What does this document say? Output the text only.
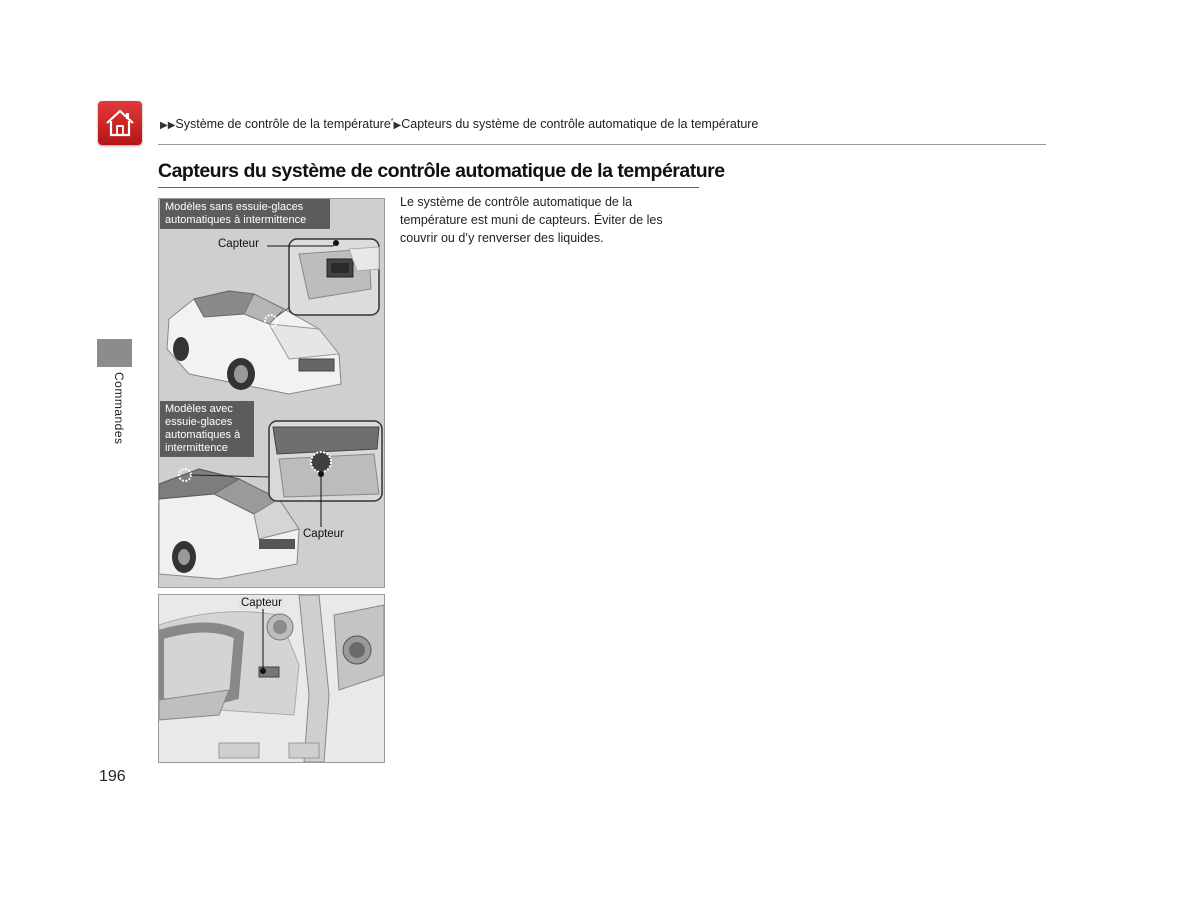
▶▶Système de contrôle de la température*▶Capteurs du système de contrôle automatique de la température
Capteurs du système de contrôle automatique de la température
Commandes
Modèles sans essuie-glaces automatiques à intermittence
Capteur
Modèles avec essuie-glaces automatiques à intermittence
Capteur
Capteur
Le système de contrôle automatique de la température est muni de capteurs. Éviter de les couvrir ou d’y renverser des liquides.
196
